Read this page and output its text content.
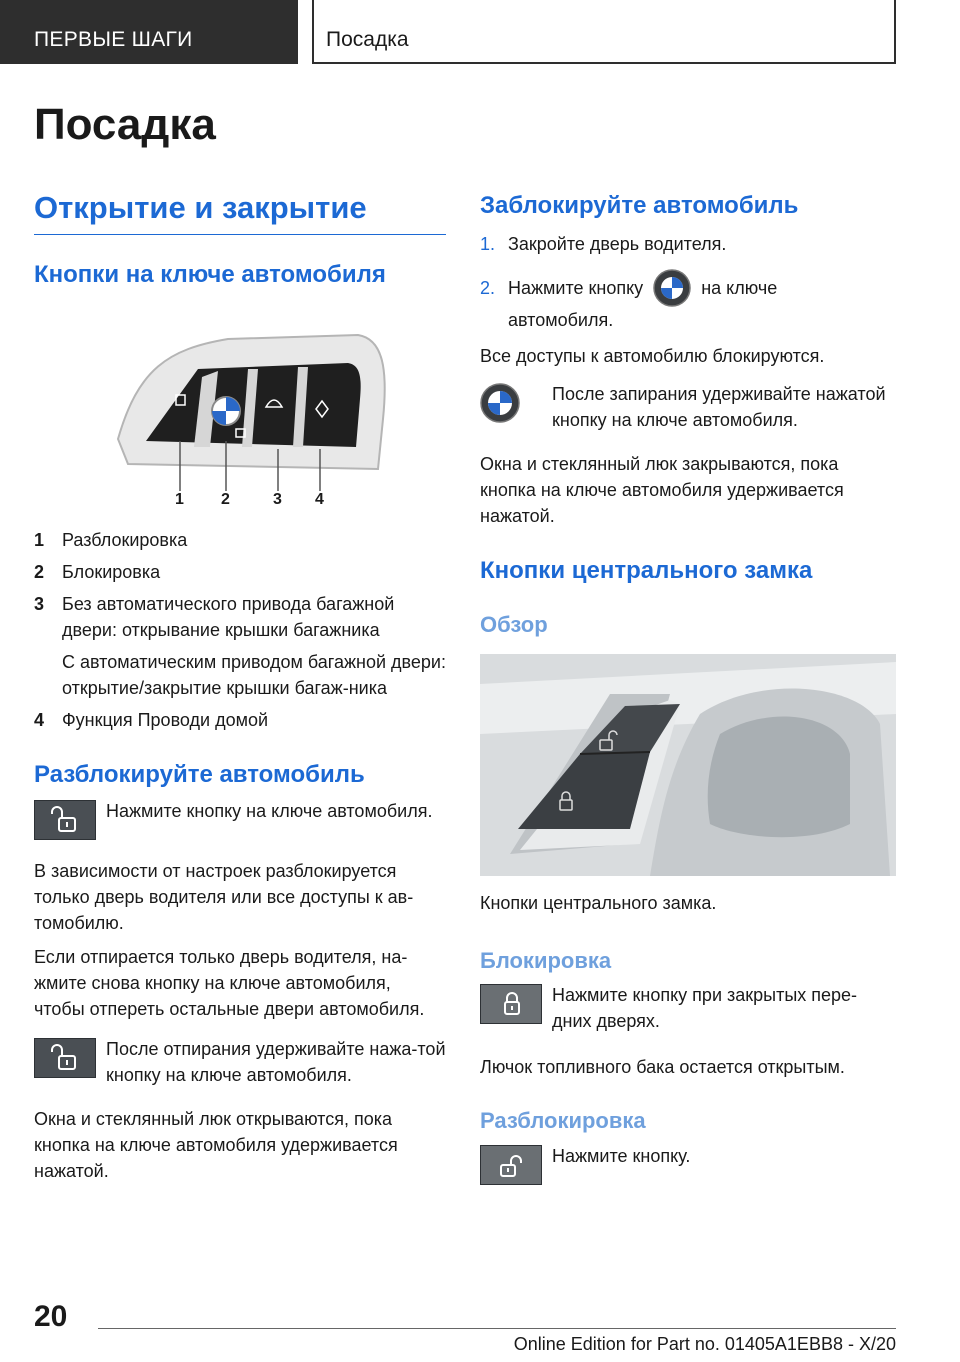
ПЕРВЫЕ ШАГИ	Посадка
Посадка
Открытие и закрытие
Кнопки на ключе автомобиля
1 2	3 4
1 Разблокировка
2 Блокировка
3 Без автоматического привода багажной двери: открывание крышки багажника
С автоматическим приводом багажной двери: открытие/закрытие крышки багаж-ника
4 Функция Проводи домой
Разблокируйте автомобиль
Нажмите кнопку на ключе автомобиля.

В зависимости от настроек разблокируется только дверь водителя или все доступы к ав-томобилю.

Если отпирается только дверь водителя, на-жмите снова кнопку на ключе автомобиля, чтобы отпереть остальные двери автомобиля.

После отпирания удерживайте нажа-той кнопку на ключе автомобиля.

Окна и стеклянный люк открываются, пока кнопка на ключе автомобиля удерживается нажатой.

Заблокируйте автомобиль
1. Закройте дверь водителя.
2. Нажмите кнопку	на ключе
автомобиля.

Все доступы к автомобилю блокируются.

После запирания удерживайте нажатой кнопку на ключе автомобиля.

Окна и стеклянный люк закрываются, пока кнопка на ключе автомобиля удерживается нажатой.

Кнопки центрального замка
Обзор

Кнопки центрального замка.

Блокировка
Нажмите кнопку при закрытых пере-дних дверях.

Лючок топливного бака остается открытым.

Разблокировка
Нажмите кнопку.
20
Online Edition for Part no. 01405A1EBB8 - X/20
